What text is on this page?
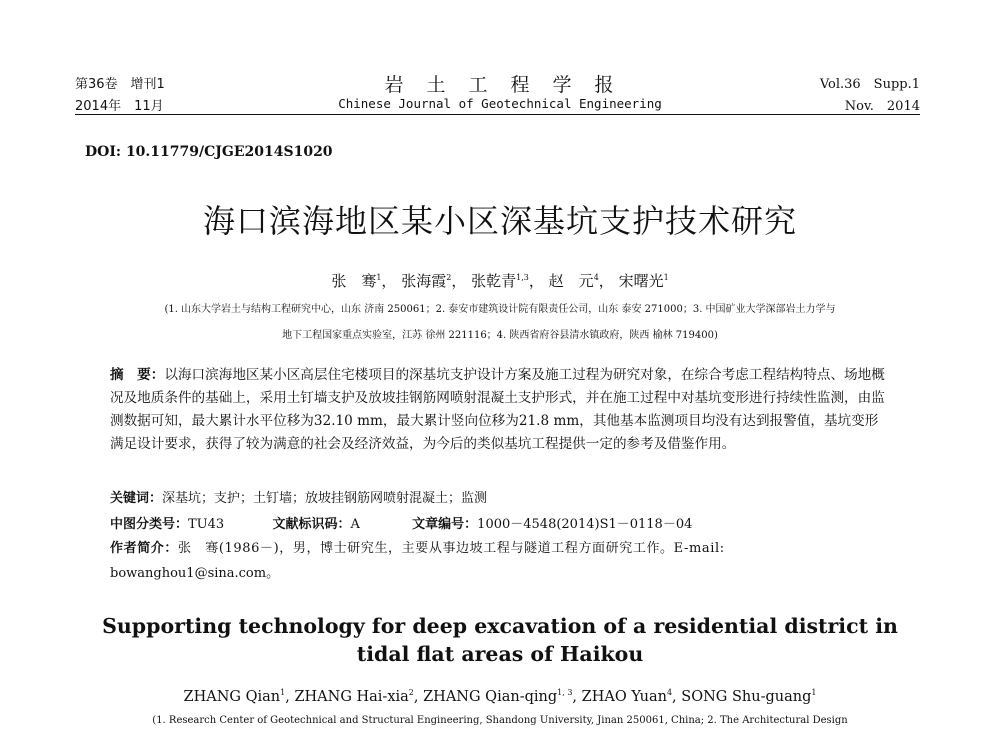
第36卷　增刊1
2014年　11月
岩　土　工　程　学　报
Chinese Journal of Geotechnical Engineering
Vol.36　Supp.1
Nov.　2014
DOI: 10.11779/CJGE2014S1020
海口滨海地区某小区深基坑支护技术研究
张　骞$^1$， 张海霞$^2$， 张乾青$^{1,3}$， 赵　元$^4$， 宋曙光$^1$
(1. 山东大学岩土与结构工程研究中心，山东 济南 250061；2. 泰安市建筑设计院有限责任公司，山东 泰安 271000；3. 中国矿业大学深部岩土力学与
地下工程国家重点实验室，江苏 徐州 221116；4. 陕西省府谷县清水镇政府，陕西 榆林 719400)

摘　要：以海口滨海地区某小区高层住宅楼项目的深基坑支护设计方案及施工过程为研究对象，在综合考虑工程结构特点、场地概况及地质条件的基础上，采用土钉墙支护及放坡挂钢筋网喷射混凝土支护形式，并在施工过程中对基坑变形进行持续性监测，由监测数据可知，最大累计水平位移为32.10 mm，最大累计竖向位移为21.8 mm，其他基本监测项目均没有达到报警值，基坑变形满足设计要求，获得了较为满意的社会及经济效益，为今后的类似基坑工程提供一定的参考及借鉴作用。

关键词：深基坑；支护；土钉墙；放坡挂钢筋网喷射混凝土；监测
中图分类号：TU43	文献标识码：A	文章编号：1000－4548(2014)S1－0118－04
作者简介：张　骞(1986－)，男，博士研究生，主要从事边坡工程与隧道工程方面研究工作。E-mail:
bowanghou1@sina.com。
Supporting technology for deep excavation of a residential district in tidal flat areas of Haikou
ZHANG Qian$^1$, ZHANG Hai-xia$^2$, ZHANG Qian-qing$^{1, 3}$, ZHAO Yuan$^4$, SONG Shu-guang$^1$
(1. Research Center of Geotechnical and Structural Engineering, Shandong University, Jinan 250061, China; 2. The Architectural Design
